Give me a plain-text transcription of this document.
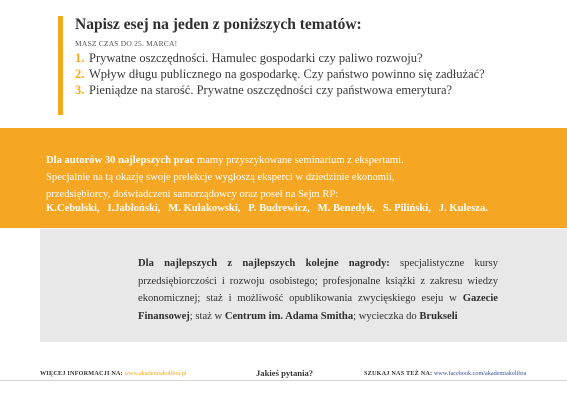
Napisz esej na jeden z poniższych tematów:
MASZ CZAS DO 25. MARCA!
1. Prywatne oszczędności. Hamulec gospodarki czy paliwo rozwoju?
2. Wpływ długu publicznego na gospodarkę. Czy państwo powinno się zadłużać?
3. Pieniądze na starość. Prywatne oszczędności czy państwowa emerytura?
Dla autorów 30 najlepszych prac mamy przyszykowane seminarium z ekspertami.
Specjalnie na tą okazję swoje prelekcje wygłoszą eksperci w dziedzinie ekonomii,
przedsiębiorcy, doświadczeni samorządowcy oraz poseł na Sejm RP:
K.Cebulski, I.Jabłoński, M. Kułakowski, P. Budrewicz, M. Benedyk, S. Piliński, J. Kulesza.
Dla najlepszych z najlepszych kolejne nagrody: specjalistyczne kursy
przedsiębiorczości i rozwoju osobistego; profesjonalne książki z zakresu wiedzy
ekonomicznej; staż i możliwość opublikowania zwycięskiego eseju w Gazecie
Finansowej; staż w Centrum im. Adama Smitha; wycieczka do Brukseli
WIĘCEJ INFORMACJI NA: www.akademiakolibra.pl	Jakieś pytania?	SZUKAJ NAS TEŻ NA: www.facebook.com/akademiakolibra
